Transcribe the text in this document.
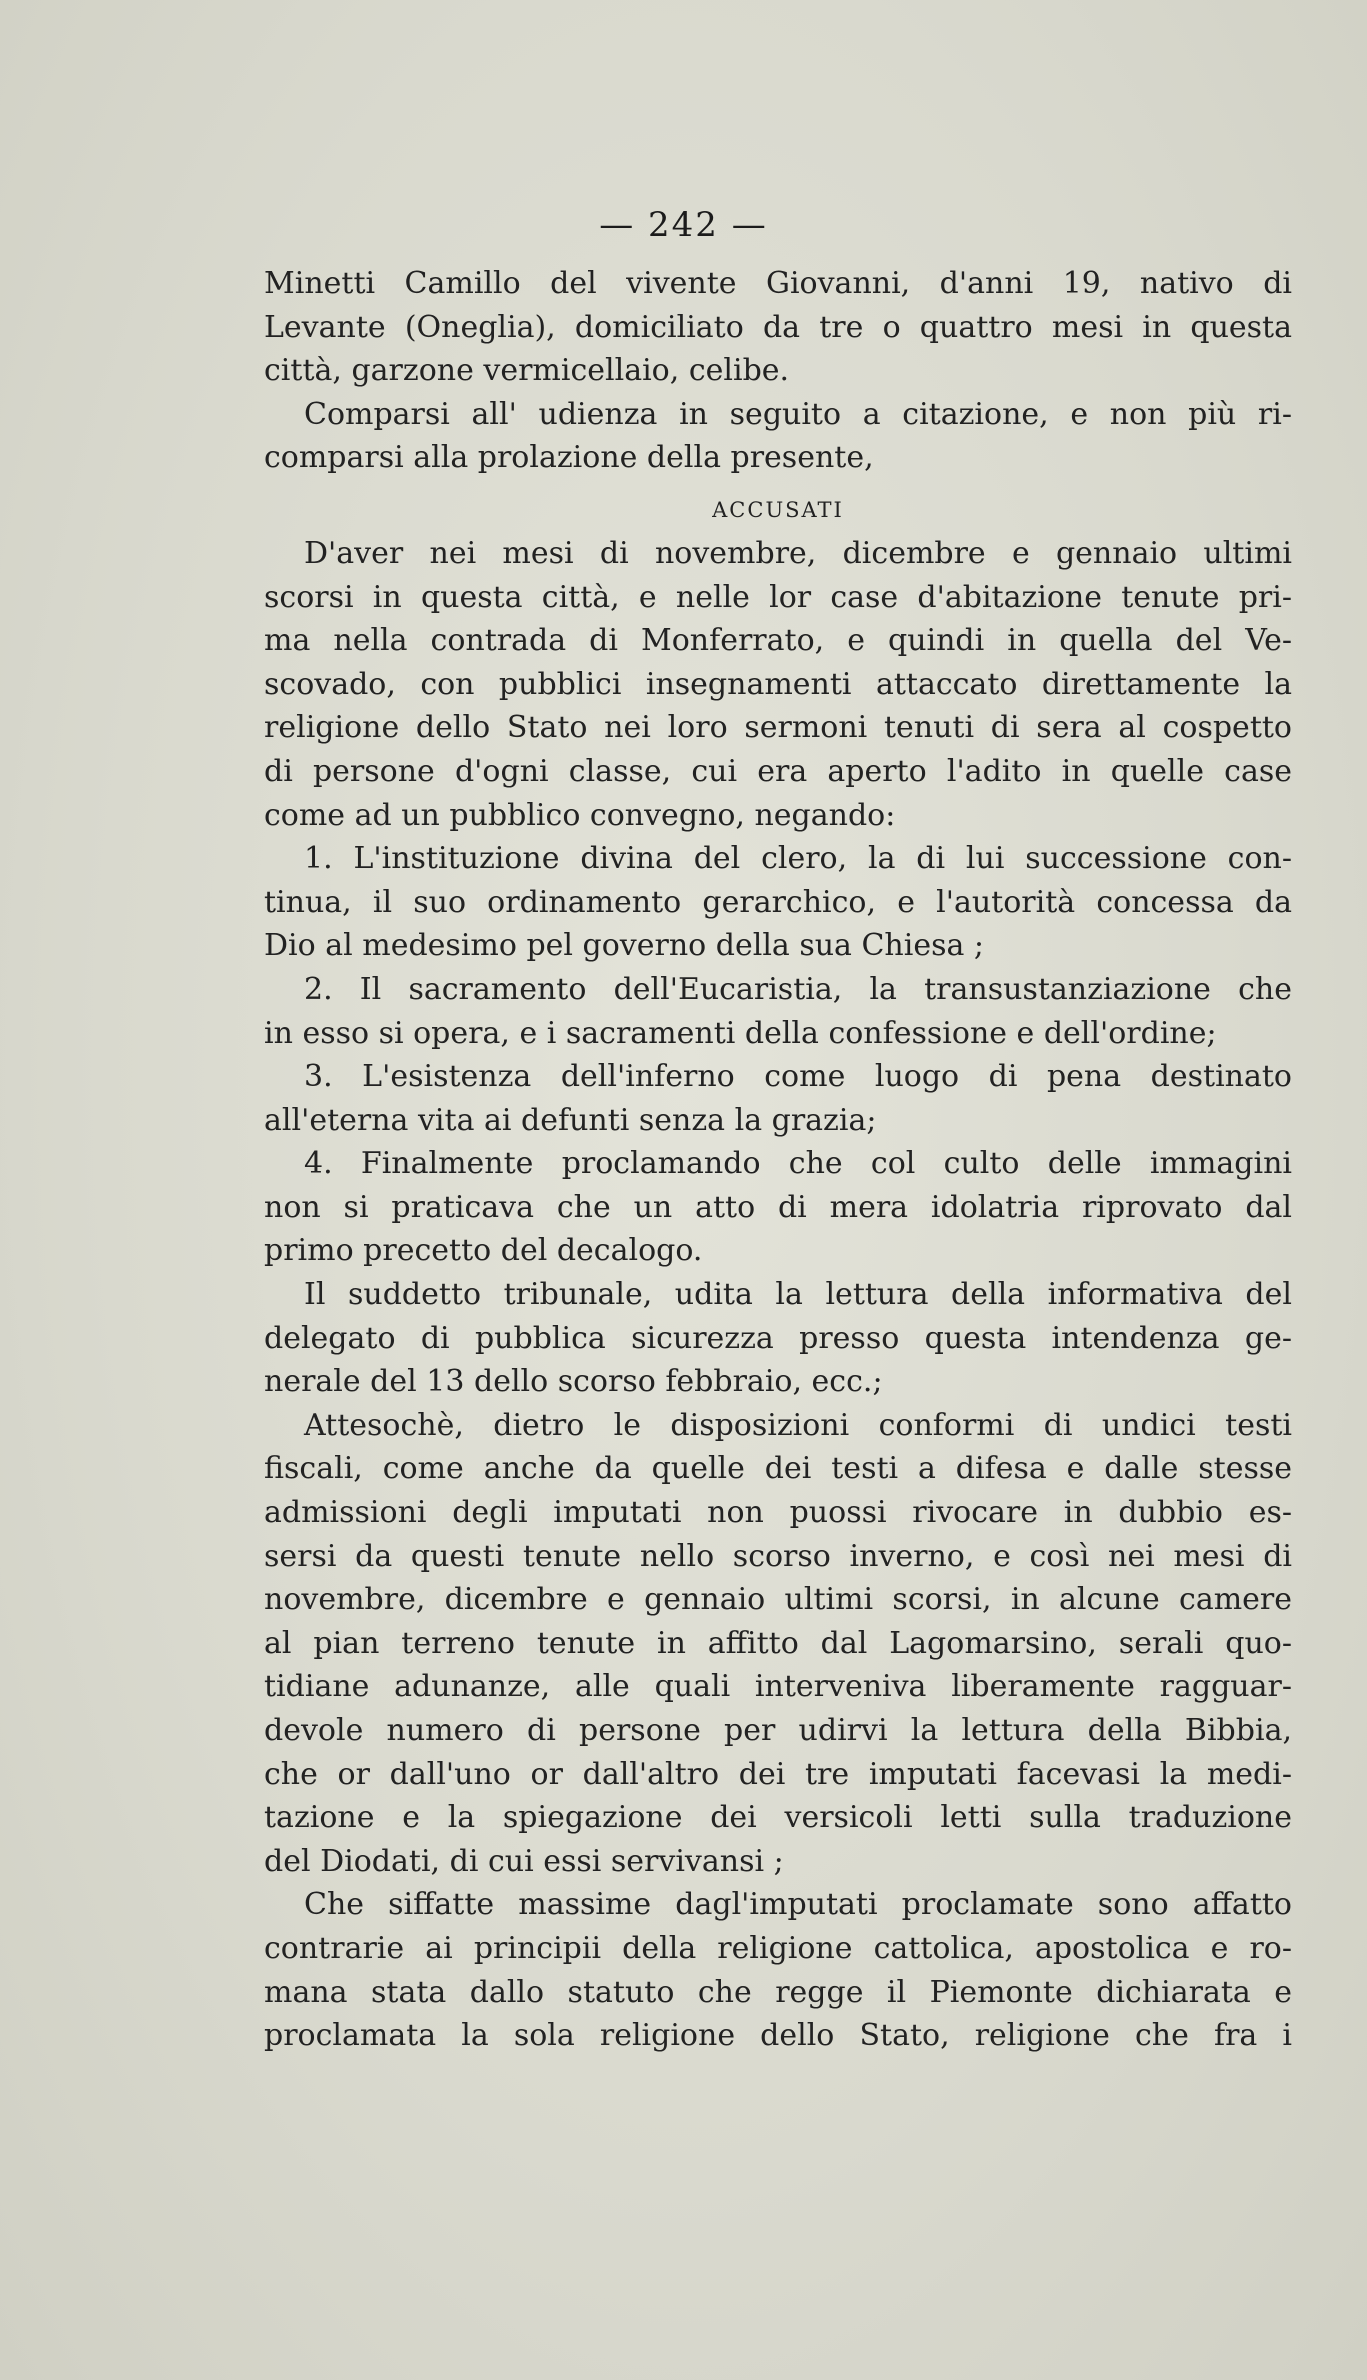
— 242 —
Minetti Camillo del vivente Giovanni, d'anni 19, nativo di
Levante (Oneglia), domiciliato da tre o quattro mesi in questa
città, garzone vermicellaio, celibe.
Comparsi all' udienza in seguito a citazione, e non più ri-
comparsi alla prolazione della presente,
ACCUSATI
D'aver nei mesi di novembre, dicembre e gennaio ultimi
scorsi in questa città, e nelle lor case d'abitazione tenute pri-
ma nella contrada di Monferrato, e quindi in quella del Ve-
scovado, con pubblici insegnamenti attaccato direttamente la
religione dello Stato nei loro sermoni tenuti di sera al cospetto
di persone d'ogni classe, cui era aperto l'adito in quelle case
come ad un pubblico convegno, negando:
1. L'instituzione divina del clero, la di lui successione con-
tinua, il suo ordinamento gerarchico, e l'autorità concessa da
Dio al medesimo pel governo della sua Chiesa ;
2. Il sacramento dell'Eucaristia, la transustanziazione che
in esso si opera, e i sacramenti della confessione e dell'ordine;
3. L'esistenza dell'inferno come luogo di pena destinato
all'eterna vita ai defunti senza la grazia;
4. Finalmente proclamando che col culto delle immagini
non si praticava che un atto di mera idolatria riprovato dal
primo precetto del decalogo.
Il suddetto tribunale, udita la lettura della informativa del
delegato di pubblica sicurezza presso questa intendenza ge-
nerale del 13 dello scorso febbraio, ecc.;
Attesochè, dietro le disposizioni conformi di undici testi
fiscali, come anche da quelle dei testi a difesa e dalle stesse
admissioni degli imputati non puossi rivocare in dubbio es-
sersi da questi tenute nello scorso inverno, e così nei mesi di
novembre, dicembre e gennaio ultimi scorsi, in alcune camere
al pian terreno tenute in affitto dal Lagomarsino, serali quo-
tidiane adunanze, alle quali interveniva liberamente ragguar-
devole numero di persone per udirvi la lettura della Bibbia,
che or dall'uno or dall'altro dei tre imputati facevasi la medi-
tazione e la spiegazione dei versicoli letti sulla traduzione
del Diodati, di cui essi servivansi ;
Che siffatte massime dagl'imputati proclamate sono affatto
contrarie ai principii della religione cattolica, apostolica e ro-
mana stata dallo statuto che regge il Piemonte dichiarata e
proclamata la sola religione dello Stato, religione che fra i
